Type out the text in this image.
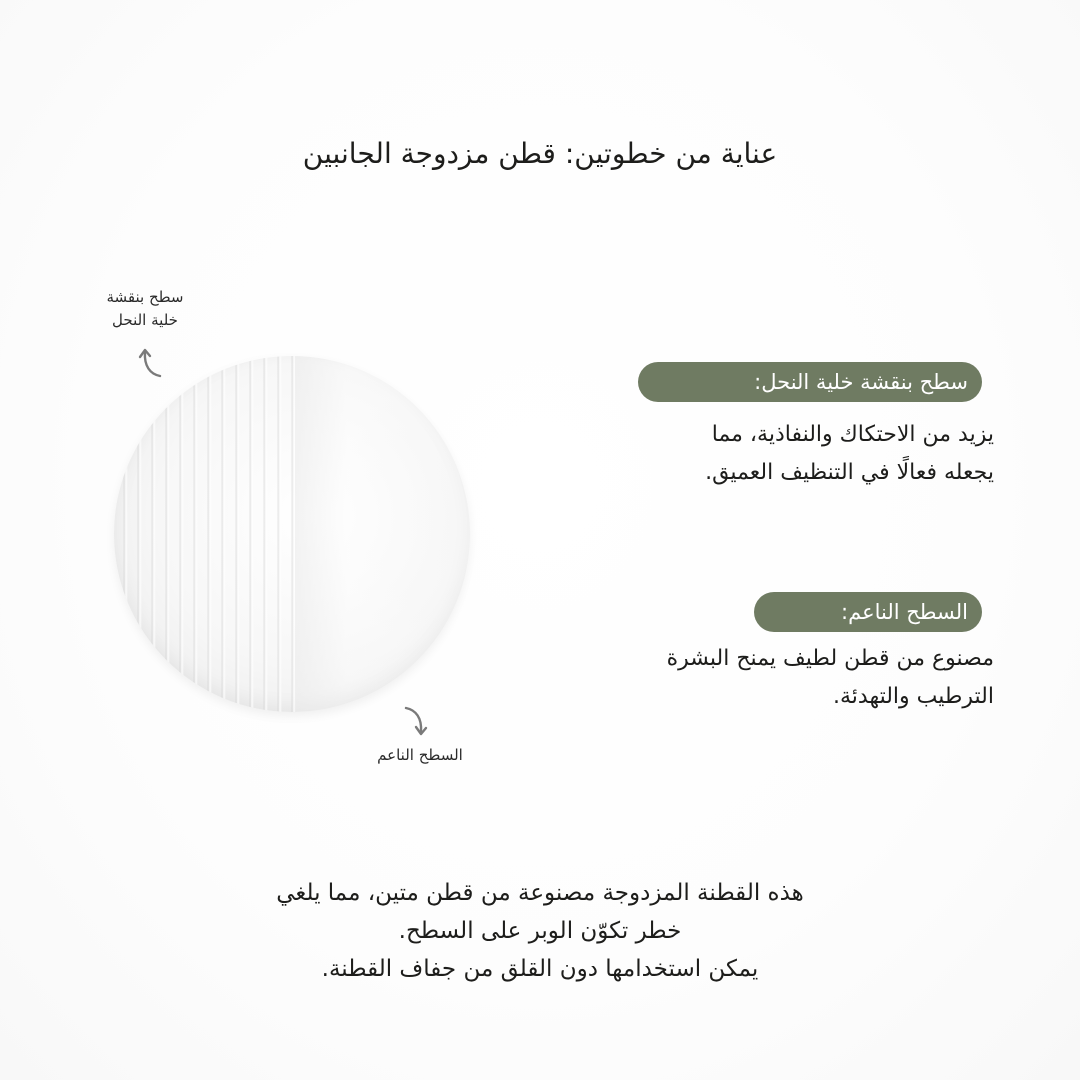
عناية من خطوتين: قطن مزدوجة الجانبين
سطح بنقشة
خلية النحل
السطح الناعم
سطح بنقشة خلية النحل:
يزيد من الاحتكاك والنفاذية، مما
يجعله فعالًا في التنظيف العميق.
السطح الناعم:
مصنوع من قطن لطيف يمنح البشرة
الترطيب والتهدئة.
هذه القطنة المزدوجة مصنوعة من قطن متين، مما يلغي
خطر تكوّن الوبر على السطح.
يمكن استخدامها دون القلق من جفاف القطنة.
